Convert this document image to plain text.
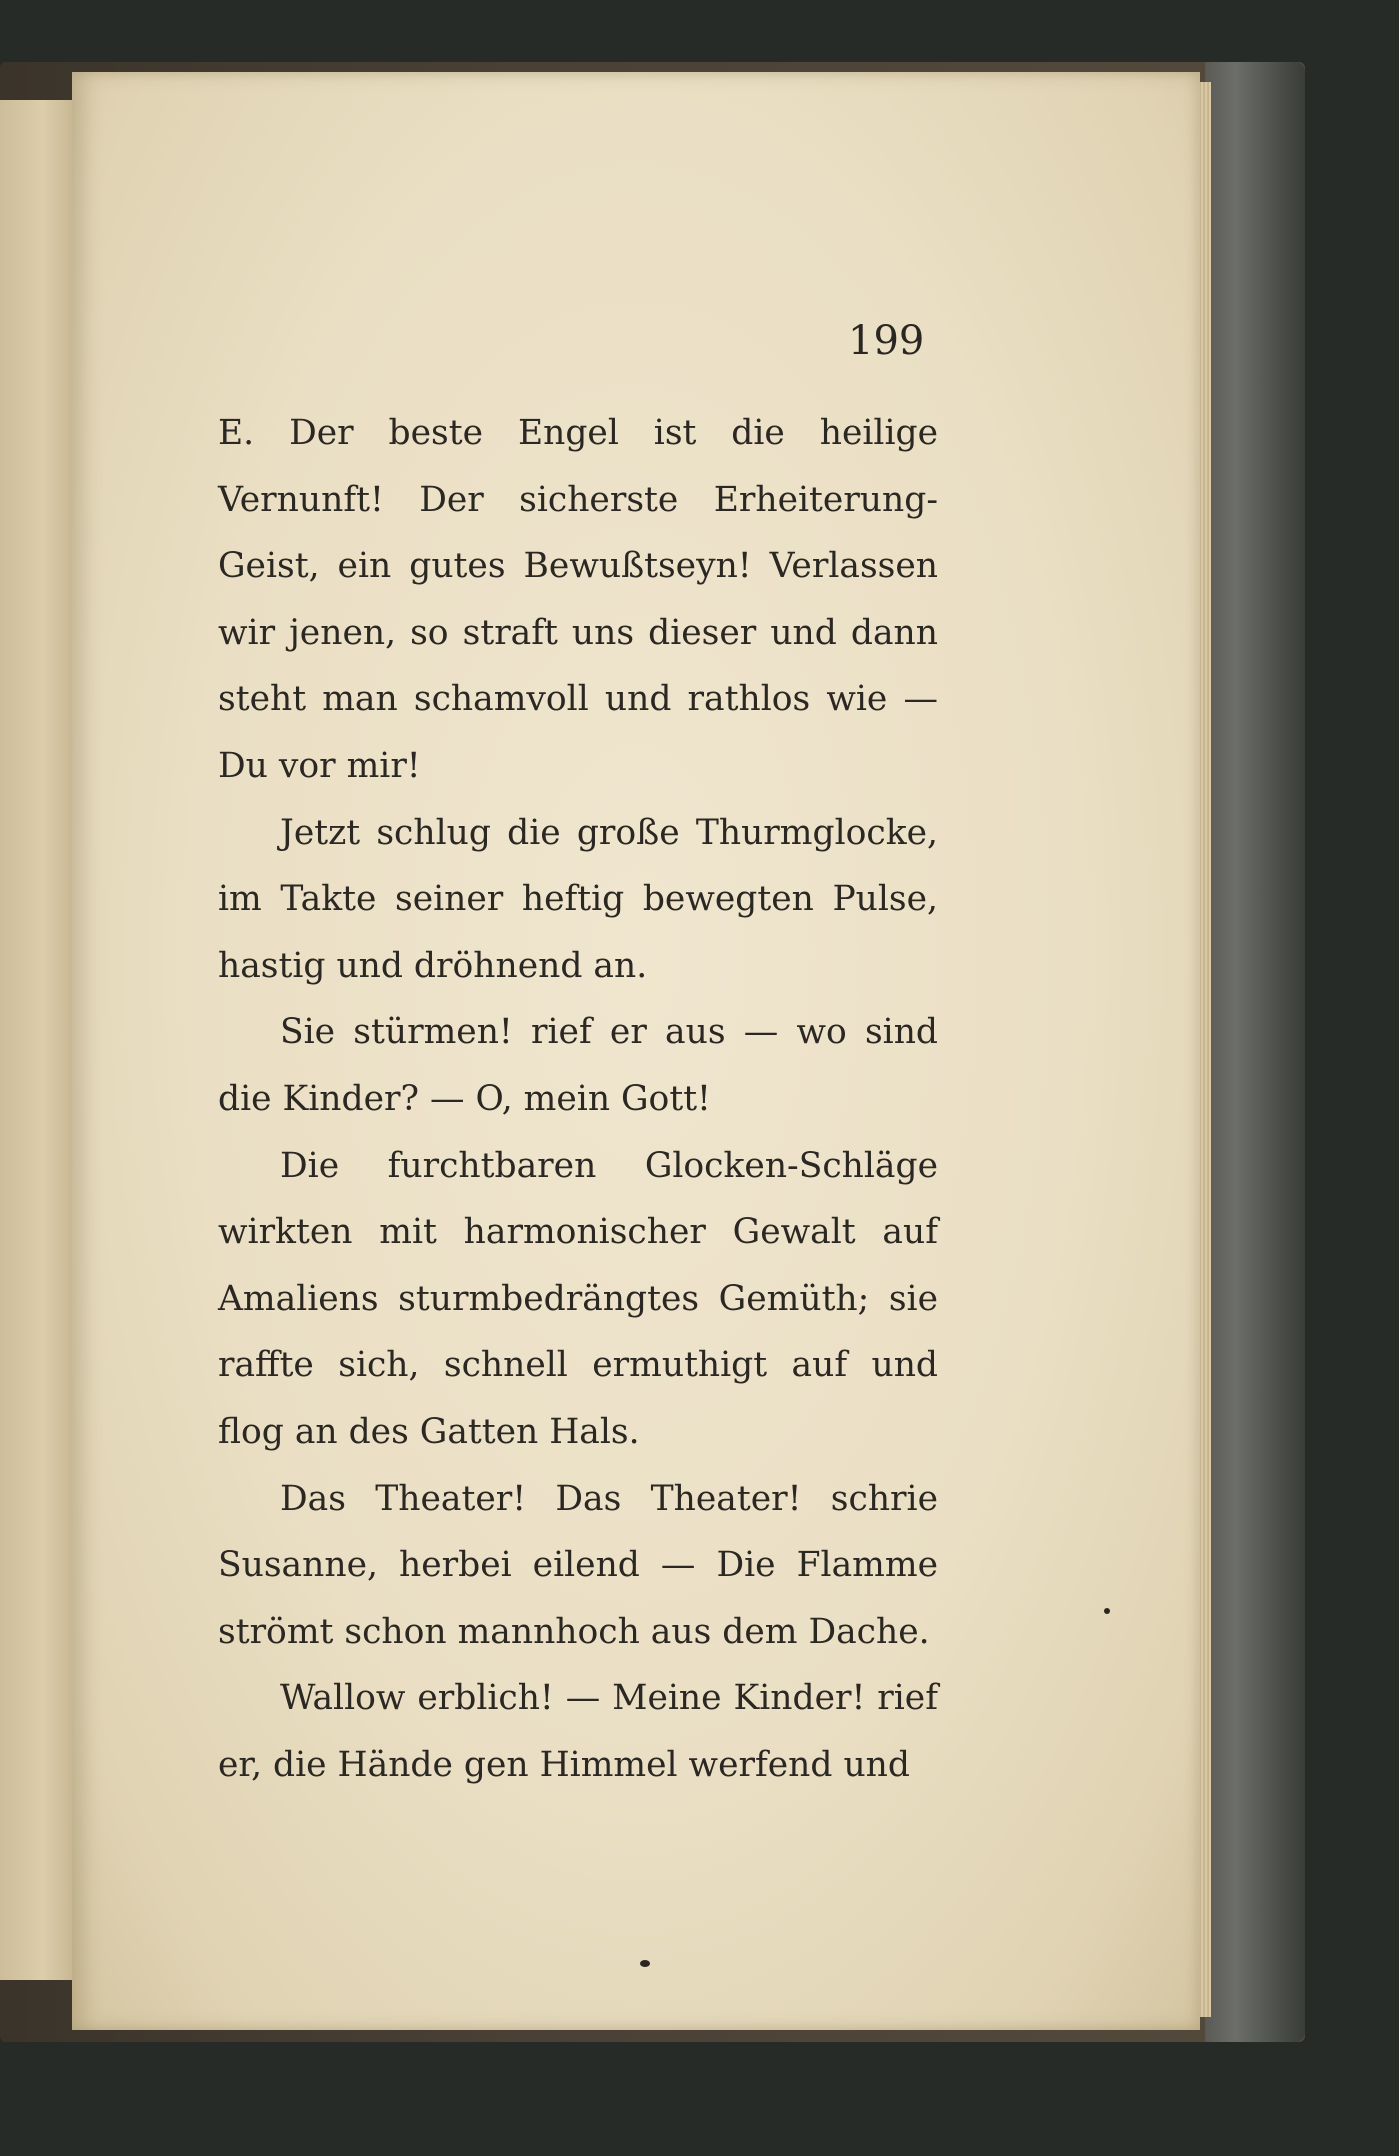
199

E. Der beste Engel ist die heilige Vernunft! Der sicherste Erheiterung-Geist, ein gutes Bewußtseyn! Verlassen wir jenen, so straft uns dieser und dann steht man schamvoll und rathlos wie — Du vor mir!

Jetzt schlug die große Thurmglocke, im Takte seiner heftig bewegten Pulse, hastig und dröhnend an.

Sie stürmen! rief er aus — wo sind die Kinder? — O, mein Gott!

Die furchtbaren Glocken-Schläge wirkten mit harmonischer Gewalt auf Amaliens sturmbedrängtes Gemüth; sie raffte sich, schnell ermuthigt auf und flog an des Gatten Hals.

Das Theater! Das Theater! schrie Susanne, herbei eilend — Die Flamme strömt schon mannhoch aus dem Dache.

Wallow erblich! — Meine Kinder! rief er, die Hände gen Himmel werfend und
